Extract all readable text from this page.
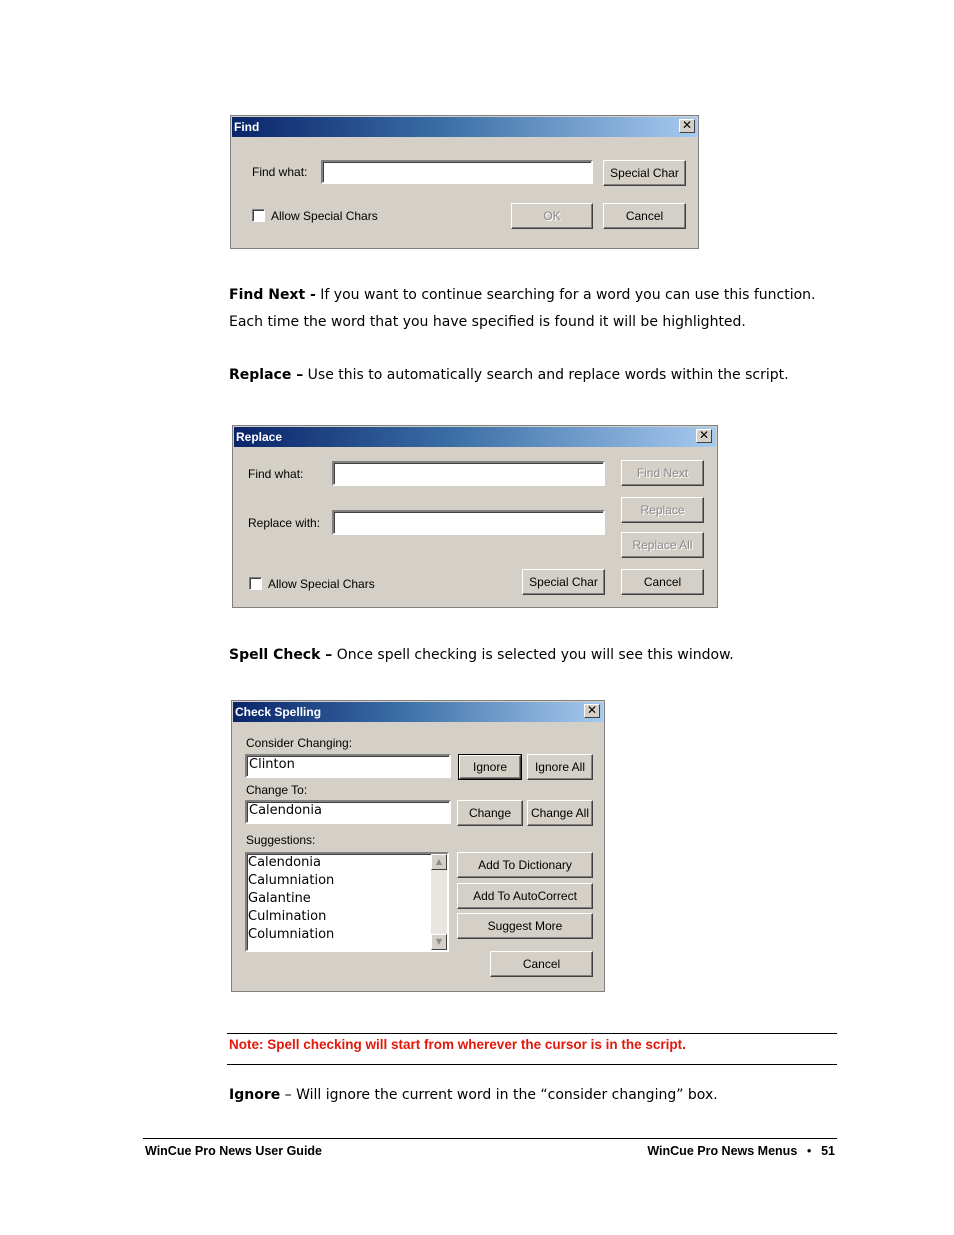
Find	✕
Find what:	Special Char
Allow Special Chars	OK	Cancel
Find Next - If you want to continue searching for a word you can use this function.
Each time the word that you have specified is found it will be highlighted.
Replace – Use this to automatically search and replace words within the script.
Replace	✕
Find what:	Find Next
Replace with:
Replace
Replace All
Allow Special Chars	Special Char	Cancel
Spell Check – Once spell checking is selected you will see this window.
Check Spelling	✕
Consider Changing:
Clinton	Ignore	Ignore All
Change To:
Calendonia	Change	Change All
Suggestions:
Calendonia
Calumniation
Galantine
Culmination
Columniation
▲
▼
Add To Dictionary
Add To AutoCorrect
Suggest More
Cancel
Note: Spell checking will start from wherever the cursor is in the script.
Ignore – Will ignore the current word in the “consider changing” box.
WinCue Pro News User Guide	WinCue Pro News Menus ● 51
